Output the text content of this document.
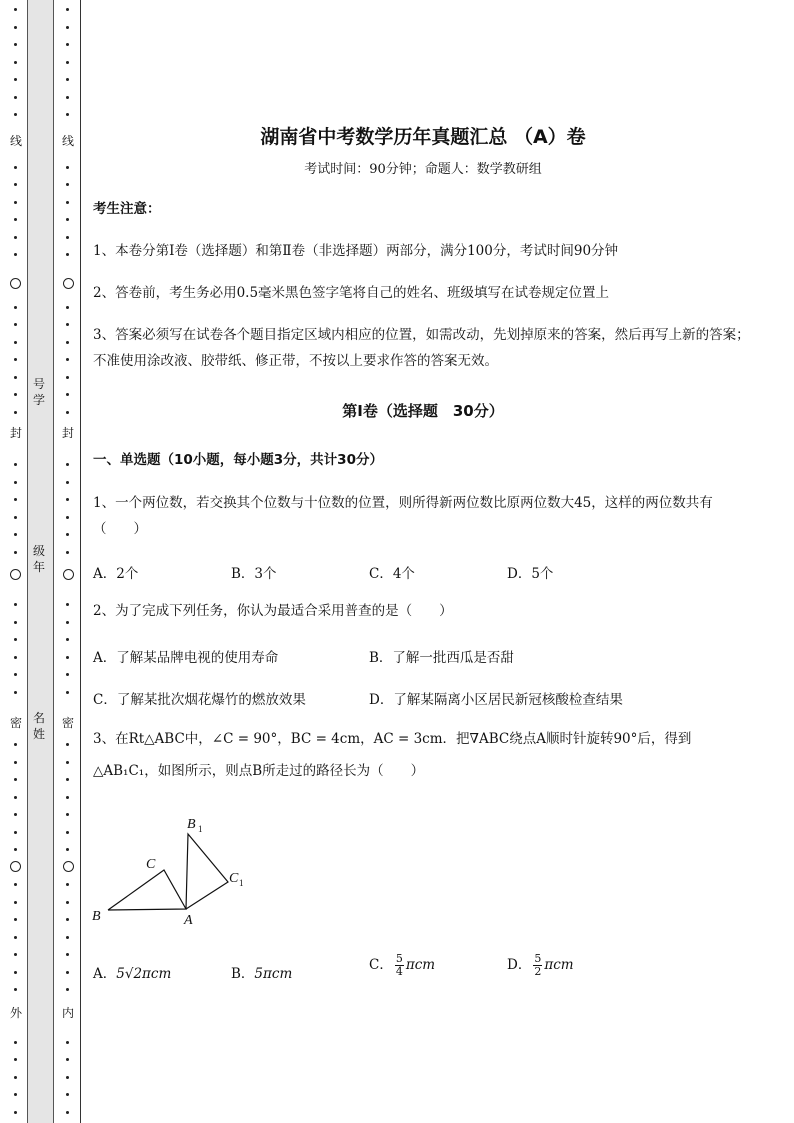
线
封
密
外
线
封
密
内
号
学
级
年
名
姓
湖南省中考数学历年真题汇总 （A）卷
考试时间：90分钟；命题人：数学教研组
考生注意：
1、本卷分第I卷（选择题）和第Ⅱ卷（非选择题）两部分，满分100分，考试时间90分钟
2、答卷前，考生务必用0.5毫米黑色签字笔将自己的姓名、班级填写在试卷规定位置上
3、答案必须写在试卷各个题目指定区域内相应的位置，如需改动，先划掉原来的答案，然后再写上新的答案；不准使用涂改液、胶带纸、修正带，不按以上要求作答的答案无效。
第I卷（选择题　30分）
一、单选题（10小题，每小题3分，共计30分）
1、一个两位数，若交换其个位数与十位数的位置，则所得新两位数比原两位数大45，这样的两位数共有（　　）
A．2个	B．3个	C．4个	D．5个
2、为了完成下列任务，你认为最适合采用普查的是（　　）
A．了解某品牌电视的使用寿命	B．了解一批西瓜是否甜
C．了解某批次烟花爆竹的燃放效果	D．了解某隔离小区居民新冠核酸检查结果
3、在Rt△ABC中，∠C = 90°，BC = 4cm，AC = 3cm．把∇ABC绕点A顺时针旋转90°后，得到
△AB₁C₁，如图所示，则点B所走过的路径长为（　　）
A．5√2πcm	B．5πcm
C． $\frac{5}{4}$ πcm	D． $\frac{5}{2}$ πcm
B
C
A
B 1
C 1
